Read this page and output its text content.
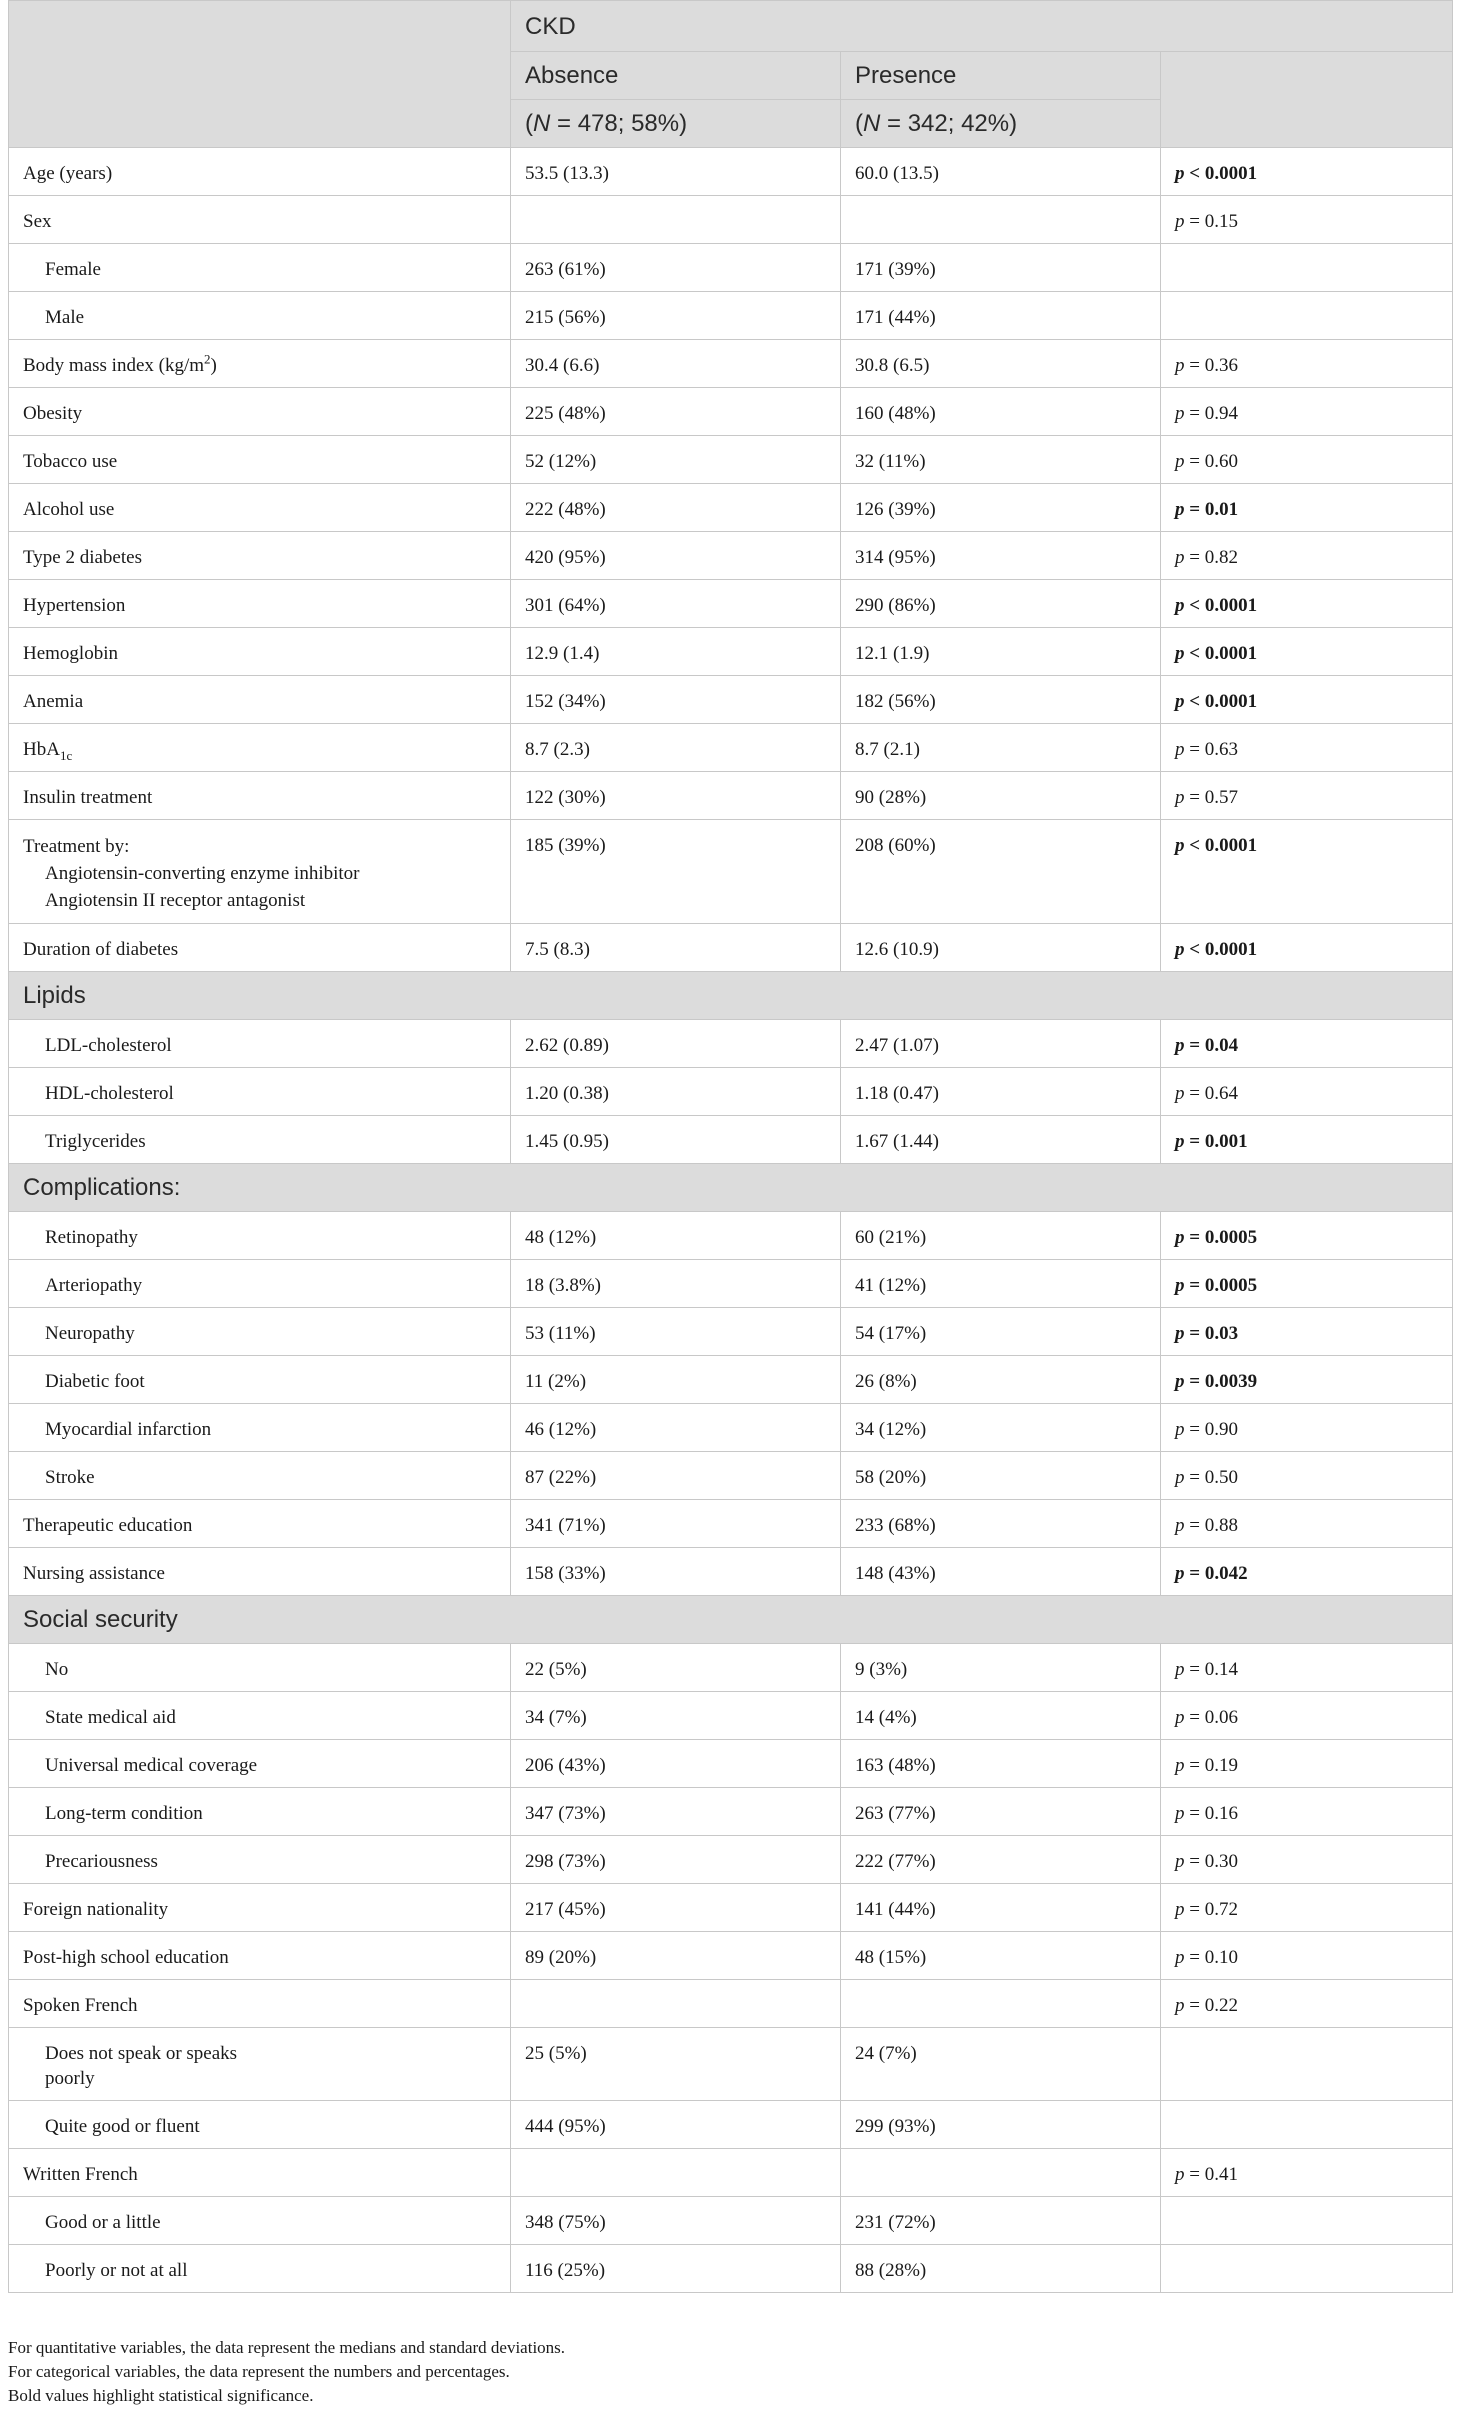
	CKD		
	Absence	Presence	
	(N = 478; 58%)	(N = 342; 42%)	
Age (years)	53.5 (13.3)	60.0 (13.5)	p < 0.0001
Sex			p = 0.15
Female	263 (61%)	171 (39%)	
Male	215 (56%)	171 (44%)	
Body mass index $(kg/m^2)$	30.4 (6.6)	30.8 (6.5)	p = 0.36
Obesity	225 (48%)	160 (48%)	p = 0.94
Tobacco use	52 (12%)	32 (11%)	p = 0.60
Alcohol use	222 (48%)	126 (39%)	p = 0.01
Type 2 diabetes	420 (95%)	314 (95%)	p = 0.82
Hypertension	301 (64%)	290 (86%)	p < 0.0001
Hemoglobin	12.9 (1.4)	12.1 (1.9)	p < 0.0001
Anemia	152 (34%)	182 (56%)	p < 0.0001
HbA$_{1c}$	8.7 (2.3)	8.7 (2.1)	p = 0.63
Insulin treatment	122 (30%)	90 (28%)	p = 0.57
Treatment by:
Angiotensin-converting enzyme inhibitor
Angiotensin II receptor antagonist	185 (39%)	208 (60%)	p < 0.0001
Duration of diabetes	7.5 (8.3)	12.6 (10.9)	p < 0.0001
Lipids			
LDL-cholesterol	2.62 (0.89)	2.47 (1.07)	p = 0.04
HDL-cholesterol	1.20 (0.38)	1.18 (0.47)	p = 0.64
Triglycerides	1.45 (0.95)	1.67 (1.44)	p = 0.001
Complications:			
Retinopathy	48 (12%)	60 (21%)	p = 0.0005
Arteriopathy	18 (3.8%)	41 (12%)	p = 0.0005
Neuropathy	53 (11%)	54 (17%)	p = 0.03
Diabetic foot	11 (2%)	26 (8%)	p = 0.0039
Myocardial infarction	46 (12%)	34 (12%)	p = 0.90
Stroke	87 (22%)	58 (20%)	p = 0.50
Therapeutic education	341 (71%)	233 (68%)	p = 0.88
Nursing assistance	158 (33%)	148 (43%)	p = 0.042
Social security			
No	22 (5%)	9 (3%)	p = 0.14
State medical aid	34 (7%)	14 (4%)	p = 0.06
Universal medical coverage	206 (43%)	163 (48%)	p = 0.19
Long-term condition	347 (73%)	263 (77%)	p = 0.16
Precariousness	298 (73%)	222 (77%)	p = 0.30
Foreign nationality	217 (45%)	141 (44%)	p = 0.72
Post-high school education	89 (20%)	48 (15%)	p = 0.10
Spoken French			p = 0.22
Does not speak or speaks
poorly	25 (5%)	24 (7%)	
Quite good or fluent	444 (95%)	299 (93%)	
Written French			p = 0.41
Good or a little	348 (75%)	231 (72%)	
Poorly or not at all	116 (25%)	88 (28%)	
For quantitative variables, the data represent the medians and standard deviations.
For categorical variables, the data represent the numbers and percentages.
Bold values highlight statistical significance.
